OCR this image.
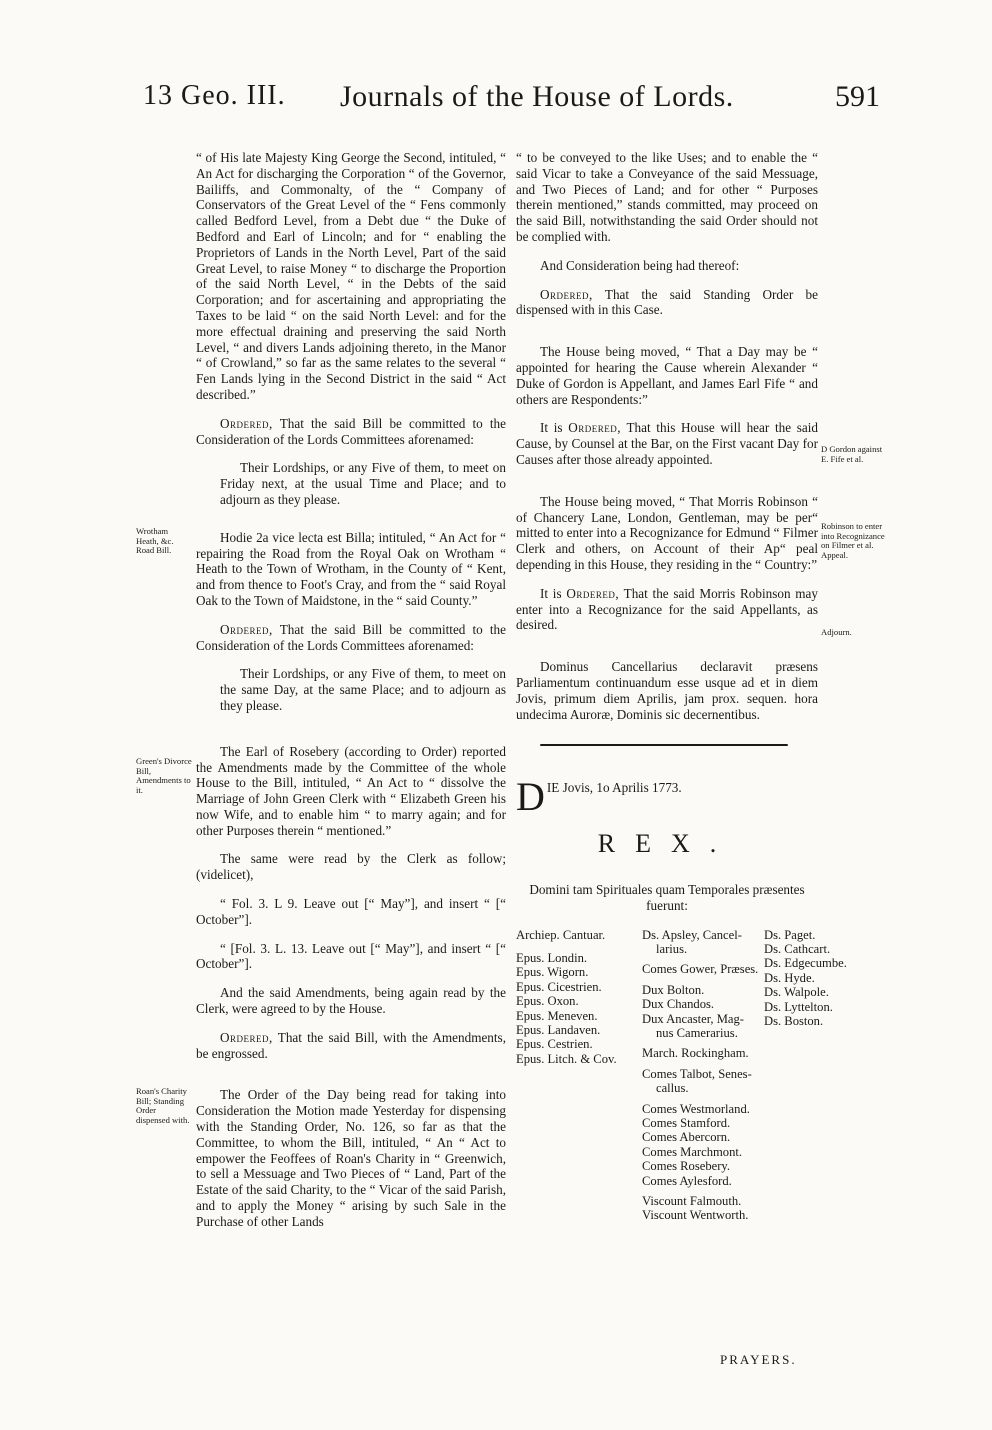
13 Geo. III. Journals of the House of Lords.	591

“ of His late Majesty King George the Second, intituled, “ An Act for discharging the Corporation “ of the Governor, Bailiffs, and Commonalty, of the “ Company of Conservators of the Great Level of the “ Fens commonly called Bedford Level, from a Debt due “ the Duke of Bedford and Earl of Lincoln; and for “ enabling the Proprietors of Lands in the North Level, Part of the said Great Level, to raise Money “ to discharge the Proportion of the said North Level, “ in the Debts of the said Corporation; and for ascertaining and appropriating the Taxes to be laid “ on the said North Level: and for the more effectual draining and preserving the said North Level, “ and divers Lands adjoining thereto, in the Manor “ of Crowland,” so far as the same relates to the several “ Fen Lands lying in the Second District in the said “ Act described.”

Ordered, That the said Bill be committed to the Consideration of the Lords Committees aforenamed:

Their Lordships, or any Five of them, to meet on Friday next, at the usual Time and Place; and to adjourn as they please.

Hodie 2a vice lecta est Billa; intituled, “ An Act for “ repairing the Road from the Royal Oak on Wrotham “ Heath to the Town of Wrotham, in the County of “ Kent, and from thence to Foot's Cray, and from the “ said Royal Oak to the Town of Maidstone, in the “ said County.”

Ordered, That the said Bill be committed to the Consideration of the Lords Committees aforenamed:

Their Lordships, or any Five of them, to meet on the same Day, at the same Place; and to adjourn as they please.

The Earl of Rosebery (according to Order) reported the Amendments made by the Committee of the whole House to the Bill, intituled, “ An Act to “ dissolve the Marriage of John Green Clerk with “ Elizabeth Green his now Wife, and to enable him “ to marry again; and for other Purposes therein “ mentioned.”

The same were read by the Clerk as follow; (videlicet),

“ Fol. 3. L 9. Leave out [“ May”], and insert “ [“ October”].

“ [Fol. 3. L. 13. Leave out [“ May”], and insert “ [“ October”].

And the said Amendments, being again read by the Clerk, were agreed to by the House.

Ordered, That the said Bill, with the Amendments, be engrossed.

The Order of the Day being read for taking into Consideration the Motion made Yesterday for dispensing with the Standing Order, No. 126, so far as that the Committee, to whom the Bill, intituled, “ An “ Act to empower the Feoffees of Roan's Charity in “ Greenwich, to sell a Messuage and Two Pieces of “ Land, Part of the Estate of the said Charity, to the “ Vicar of the said Parish, and to apply the Money “ arising by such Sale in the Purchase of other Lands

Wrotham Heath, &c. Road Bill.
Green's Divorce Bill, Amendments to it.
Roan's Charity Bill; Standing Order dispensed with.

“ to be conveyed to the like Uses; and to enable the “ said Vicar to take a Conveyance of the said Messuage, and Two Pieces of Land; and for other “ Purposes therein mentioned,” stands committed, may proceed on the said Bill, notwithstanding the said Order should not be complied with.

And Consideration being had thereof:

Ordered, That the said Standing Order be dispensed with in this Case.

The House being moved, “ That a Day may be “ appointed for hearing the Cause wherein Alexander “ Duke of Gordon is Appellant, and James Earl Fife “ and others are Respondents:”

It is Ordered, That this House will hear the said Cause, by Counsel at the Bar, on the First vacant Day for Causes after those already appointed.

The House being moved, “ That Morris Robinson “ of Chancery Lane, London, Gentleman, may be per“ mitted to enter into a Recognizance for Edmund “ Filmer Clerk and others, on Account of their Ap“ peal depending in this House, they residing in the “ Country:”

It is Ordered, That the said Morris Robinson may enter into a Recognizance for the said Appellants, as desired.

Dominus Cancellarius declaravit præsens Parliamentum continuandum esse usque ad et in diem Jovis, primum diem Aprilis, jam prox. sequen. hora undecima Auroræ, Dominis sic decernentibus.

D IE Jovis, 1o Aprilis 1773.
REX.
Domini tam Spirituales quam Temporales præsentes fuerunt:
Archiep. Cantuar.
Epus. Londin.
Epus. Wigorn.
Epus. Cicestrien.
Epus. Oxon.
Epus. Meneven.
Epus. Landaven.
Epus. Cestrien.
Epus. Litch. & Cov.
Ds. Apsley, Cancel-
larius.
Comes Gower, Præses.
Dux Bolton.
Dux Chandos.
Dux Ancaster, Mag-
nus Camerarius.
March. Rockingham.
Comes Talbot, Senes-
callus.
Comes Westmorland.
Comes Stamford.
Comes Abercorn.
Comes Marchmont.
Comes Rosebery.
Comes Aylesford.
Viscount Falmouth.
Viscount Wentworth.
Ds. Paget.
Ds. Cathcart.
Ds. Edgecumbe.
Ds. Hyde.
Ds. Walpole.
Ds. Lyttelton.
Ds. Boston.
D Gordon against E. Fife et al.
Robinson to enter into Recognizance on Filmer et al. Appeal.
Adjourn.
PRAYERS.
